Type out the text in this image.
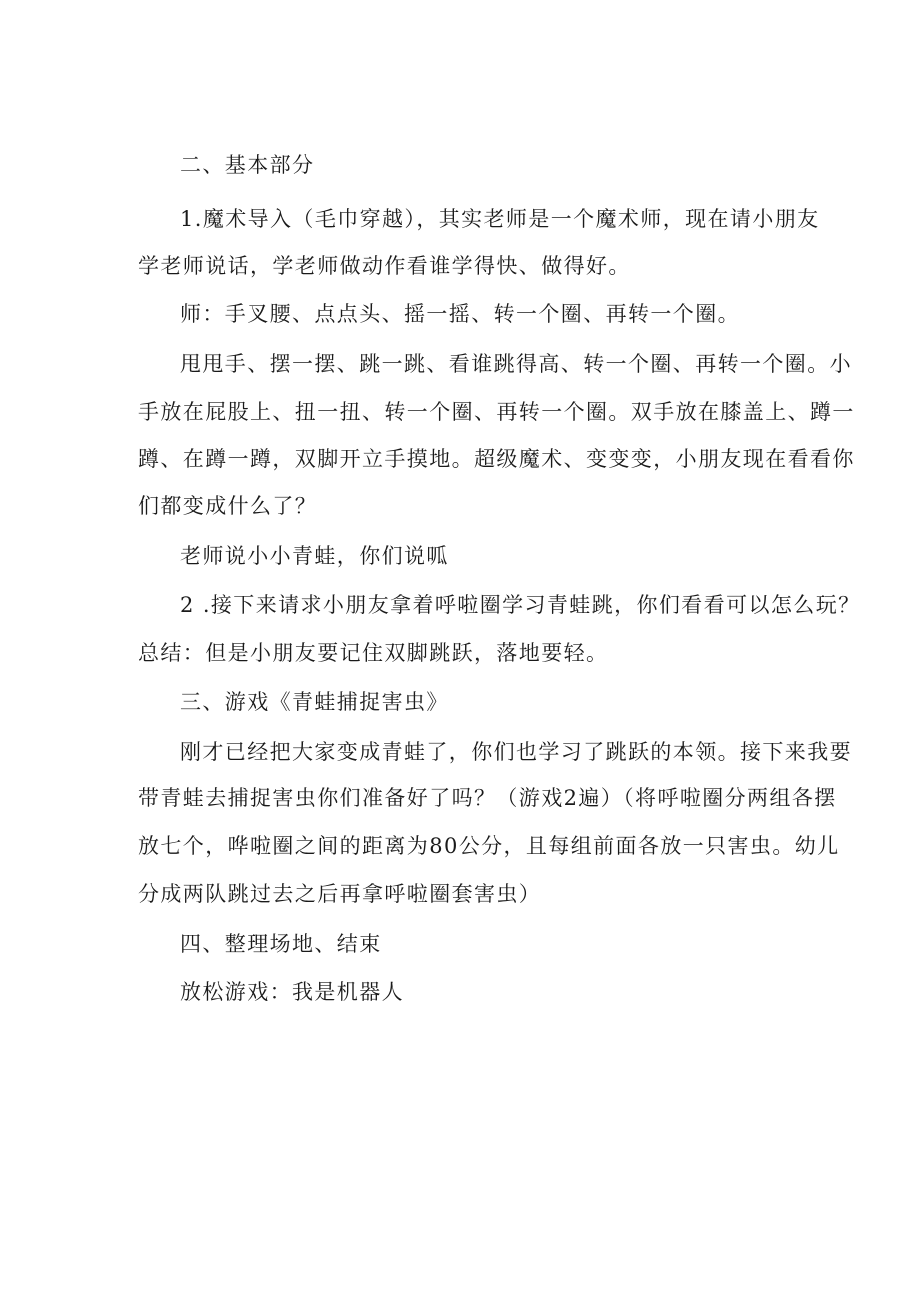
二、基本部分
1.魔术导入（毛巾穿越），其实老师是一个魔术师，现在请小朋友
学老师说话，学老师做动作看谁学得快、做得好。
师：手叉腰、点点头、摇一摇、转一个圈、再转一个圈。
甩甩手、摆一摆、跳一跳、看谁跳得高、转一个圈、再转一个圈。小
手放在屁股上、扭一扭、转一个圈、再转一个圈。双手放在膝盖上、蹲一
蹲、在蹲一蹲，双脚开立手摸地。超级魔术、变变变，小朋友现在看看你
们都变成什么了？
老师说小小青蛙，你们说呱
2 .接下来请求小朋友拿着呼啦圈学习青蛙跳，你们看看可以怎么玩？
总结：但是小朋友要记住双脚跳跃，落地要轻。
三、游戏《青蛙捕捉害虫》
刚才已经把大家变成青蛙了，你们也学习了跳跃的本领。接下来我要
带青蛙去捕捉害虫你们准备好了吗？（游戏2遍）（将呼啦圈分两组各摆
放七个，哗啦圈之间的距离为80公分，且每组前面各放一只害虫。幼儿
分成两队跳过去之后再拿呼啦圈套害虫）
四、整理场地、结束
放松游戏：我是机器人
